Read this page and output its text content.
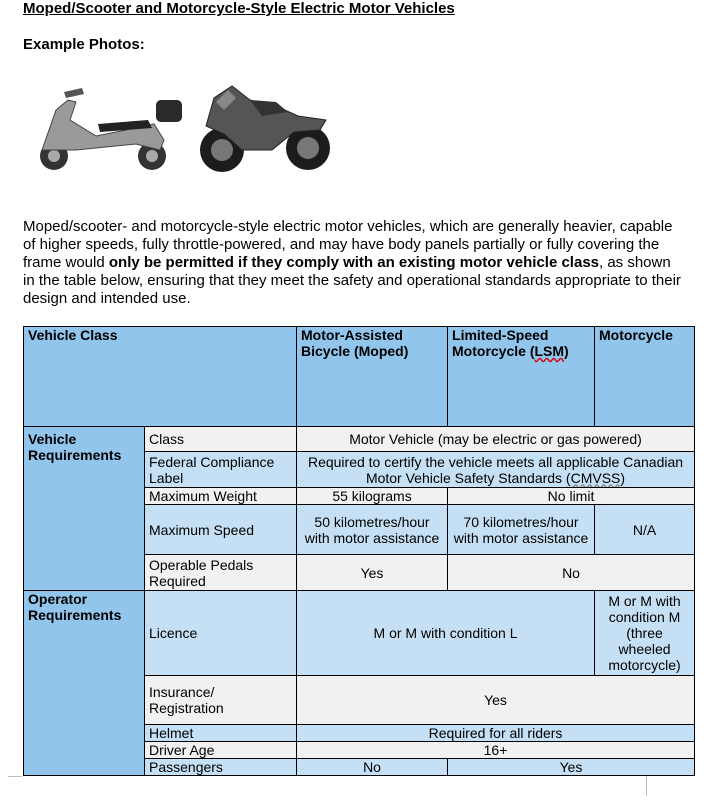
Moped/Scooter and Motorcycle-Style Electric Motor Vehicles
Example Photos:
Moped/scooter- and motorcycle-style electric motor vehicles, which are generally heavier, capable of higher speeds, fully throttle-powered, and may have body panels partially or fully covering the frame would only be permitted if they comply with an existing motor vehicle class, as shown in the table below, ensuring that they meet the safety and operational standards appropriate to their design and intended use.
Vehicle Class		Motor-Assisted Bicycle (Moped)	Limited-Speed Motorcycle (LSM)	Motorcycle
Vehicle Requirements	Class	Motor Vehicle (may be electric or gas powered)		
	Federal Compliance Label	Required to certify the vehicle meets all applicable Canadian Motor Vehicle Safety Standards (CMVSS)		
	Maximum Weight	55 kilograms	No limit	
	Maximum Speed	50 kilometres/hour with motor assistance	70 kilometres/hour with motor assistance	N/A
	Operable Pedals Required	Yes	No	
Operator Requirements	Licence	M or M with condition L		M or M with condition M (three wheeled motorcycle)
	Insurance/ Registration	Yes		
	Helmet	Required for all riders		
	Driver Age	16+		
	Passengers	No	Yes	
